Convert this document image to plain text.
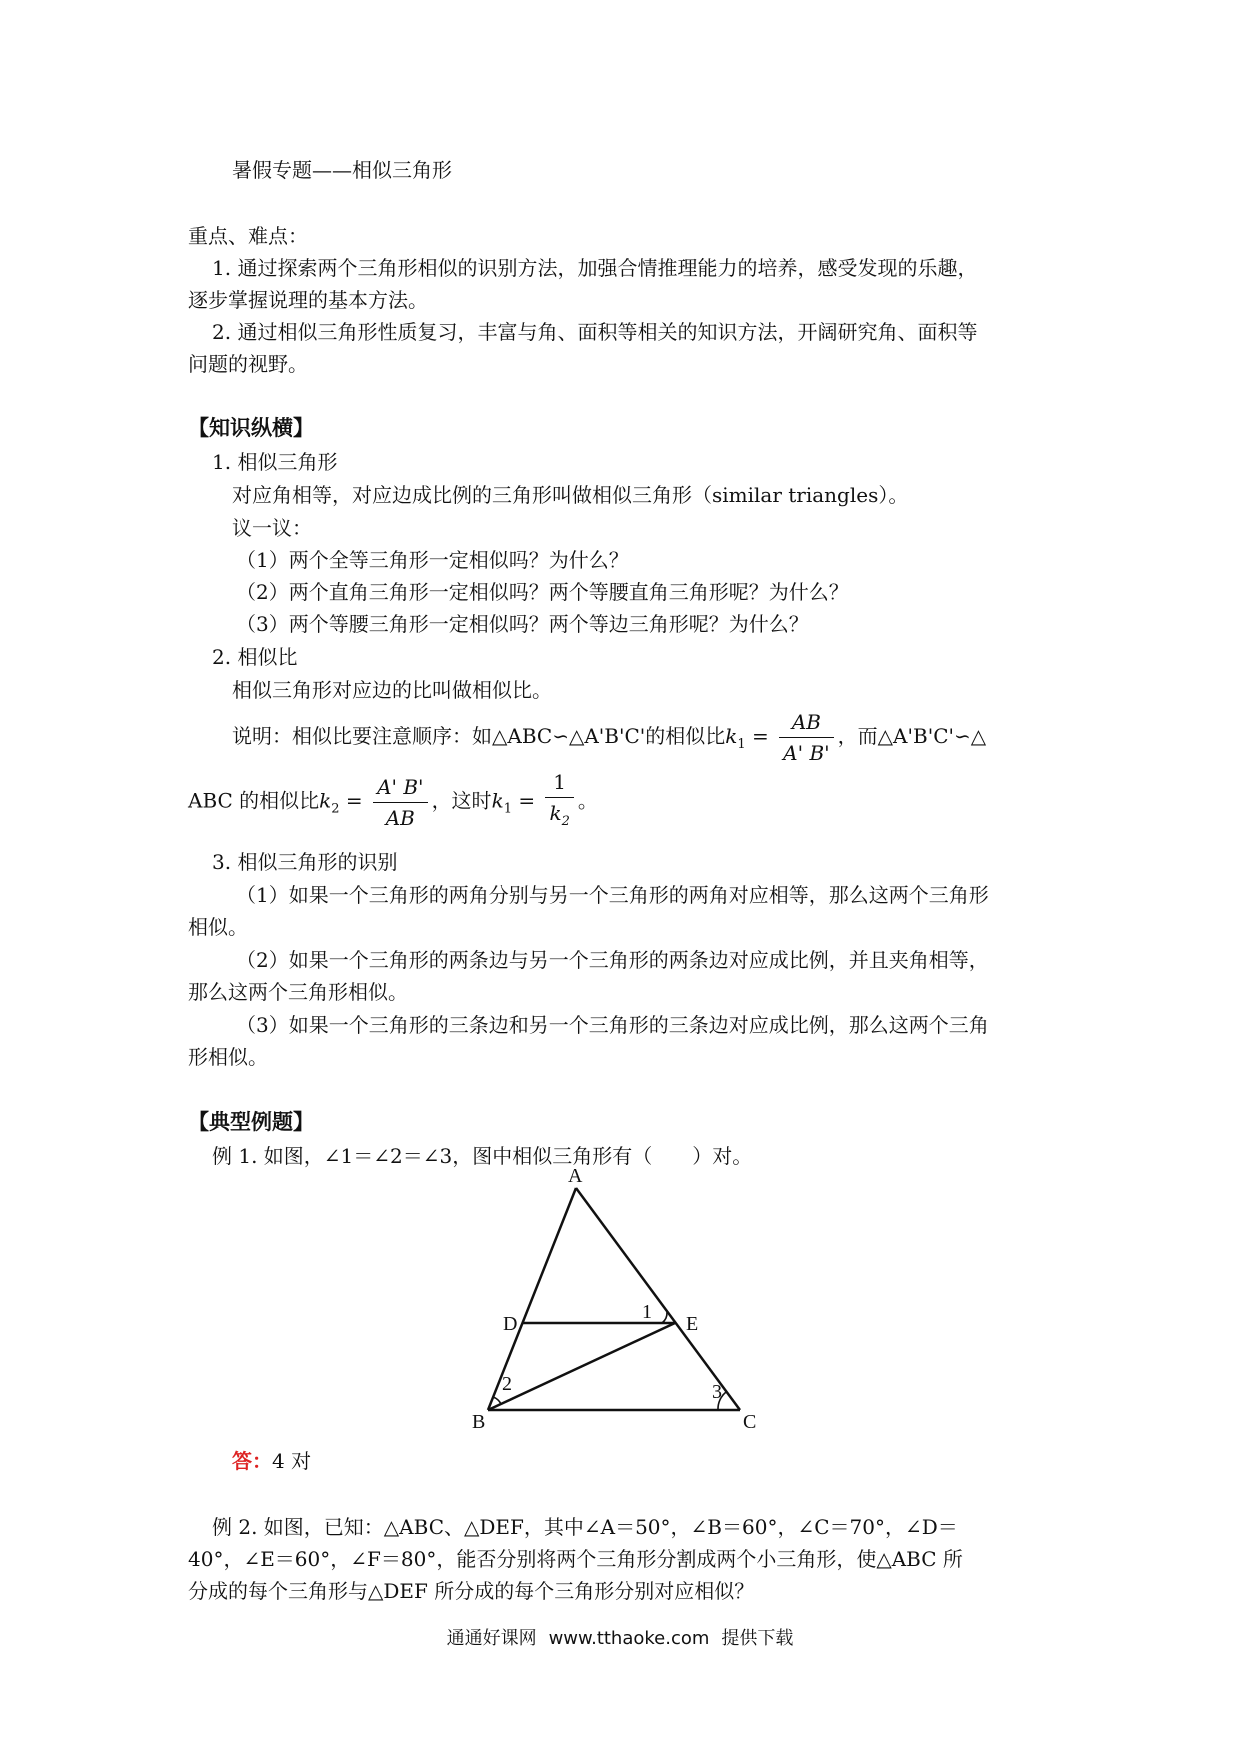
暑假专题——相似三角形
重点、难点：
1. 通过探索两个三角形相似的识别方法，加强合情推理能力的培养，感受发现的乐趣，
逐步掌握说理的基本方法。
2. 通过相似三角形性质复习，丰富与角、面积等相关的知识方法，开阔研究角、面积等
问题的视野。
【知识纵横】
1. 相似三角形
对应角相等，对应边成比例的三角形叫做相似三角形（similar triangles）。
议一议：
（1）两个全等三角形一定相似吗？为什么？
（2）两个直角三角形一定相似吗？两个等腰直角三角形呢？为什么？
（3）两个等腰三角形一定相似吗？两个等边三角形呢？为什么？
2. 相似比
相似三角形对应边的比叫做相似比。
说明：相似比要注意顺序：如△ABC∽△A'B'C'的相似比$k_1 = \frac{AB}{A' B'}$ ，而△A'B'C'∽△
ABC 的相似比$k_2 = \frac{A' B'}{AB}$ ，这时$k_1 = \frac{1}{k_2}$ 。
3. 相似三角形的识别
（1）如果一个三角形的两角分别与另一个三角形的两角对应相等，那么这两个三角形
相似。
（2）如果一个三角形的两条边与另一个三角形的两条边对应成比例，并且夹角相等，
那么这两个三角形相似。
（3）如果一个三角形的三条边和另一个三角形的三条边对应成比例，那么这两个三角
形相似。
【典型例题】
例 1. 如图，∠1＝∠2＝∠3，图中相似三角形有（　　）对。
A
D	E
B	C
1
2	3
答：4 对
例 2. 如图，已知：△ABC、△DEF，其中∠A＝50°，∠B＝60°，∠C＝70°，∠D＝
40°，∠E＝60°，∠F＝80°，能否分别将两个三角形分割成两个小三角形，使△ABC 所
分成的每个三角形与△DEF 所分成的每个三角形分别对应相似？
通通好课网 www.tthaoke.com 提供下载
